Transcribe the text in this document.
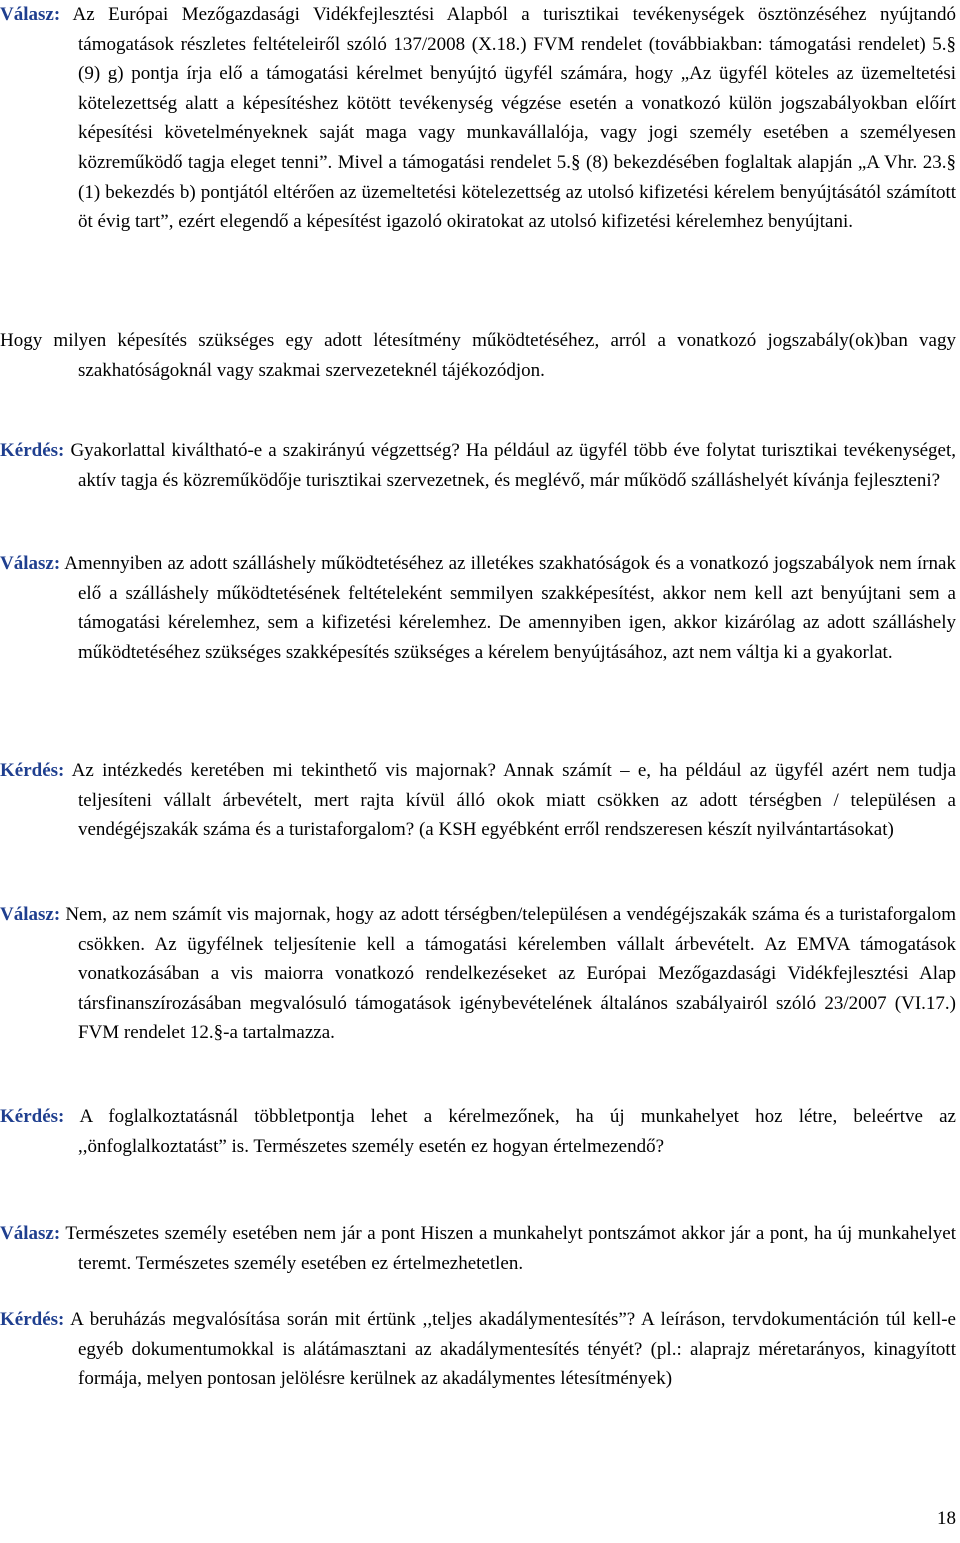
Válasz: Az Európai Mezőgazdasági Vidékfejlesztési Alapból a turisztikai tevékenységek ösztönzéséhez nyújtandó támogatások részletes feltételeiről szóló 137/2008 (X.18.) FVM rendelet (továbbiakban: támogatási rendelet) 5.§ (9) g) pontja írja elő a támogatási kérelmet benyújtó ügyfél számára, hogy „Az ügyfél köteles az üzemeltetési kötelezettség alatt a képesítéshez kötött tevékenység végzése esetén a vonatkozó külön jogszabályokban előírt képesítési követelményeknek saját maga vagy munkavállalója, vagy jogi személy esetében a személyesen közreműködő tagja eleget tenni”. Mivel a támogatási rendelet 5.§ (8) bekezdésében foglaltak alapján „A Vhr. 23.§ (1) bekezdés b) pontjától eltérően az üzemeltetési kötelezettség az utolsó kifizetési kérelem benyújtásától számított öt évig tart”, ezért elegendő a képesítést igazoló okiratokat az utolsó kifizetési kérelemhez benyújtani.

Hogy milyen képesítés szükséges egy adott létesítmény működtetéséhez, arról a vonatkozó jogszabály(ok)ban vagy szakhatóságoknál vagy szakmai szervezeteknél tájékozódjon.

Kérdés: Gyakorlattal kiváltható-e a szakirányú végzettség? Ha például az ügyfél több éve folytat turisztikai tevékenységet, aktív tagja és közreműködője turisztikai szervezetnek, és meglévő, már működő szálláshelyét kívánja fejleszteni?

Válasz: Amennyiben az adott szálláshely működtetéséhez az illetékes szakhatóságok és a vonatkozó jogszabályok nem írnak elő a szálláshely működtetésének feltételeként semmilyen szakképesítést, akkor nem kell azt benyújtani sem a támogatási kérelemhez, sem a kifizetési kérelemhez. De amennyiben igen, akkor kizárólag az adott szálláshely működtetéséhez szükséges szakképesítés szükséges a kérelem benyújtásához, azt nem váltja ki a gyakorlat.

Kérdés: Az intézkedés keretében mi tekinthető vis majornak? Annak számít – e, ha például az ügyfél azért nem tudja teljesíteni vállalt árbevételt, mert rajta kívül álló okok miatt csökken az adott térségben / településen a vendégéjszakák száma és a turistaforgalom? (a KSH egyébként erről rendszeresen készít nyilvántartásokat)

Válasz: Nem, az nem számít vis majornak, hogy az adott térségben/településen a vendégéjszakák száma és a turistaforgalom csökken. Az ügyfélnek teljesítenie kell a támogatási kérelemben vállalt árbevételt. Az EMVA támogatások vonatkozásában a vis maiorra vonatkozó rendelkezéseket az Európai Mezőgazdasági Vidékfejlesztési Alap társfinanszírozásában megvalósuló támogatások igénybevételének általános szabályairól szóló 23/2007 (VI.17.) FVM rendelet 12.§-a tartalmazza.

Kérdés: A foglalkoztatásnál többletpontja lehet a kérelmezőnek, ha új munkahelyet hoz létre, beleértve az ,,önfoglalkoztatást” is. Természetes személy esetén ez hogyan értelmezendő?

Válasz: Természetes személy esetében nem jár a pont Hiszen a munkahelyt pontszámot akkor jár a pont, ha új munkahelyet teremt. Természetes személy esetében ez értelmezhetetlen.

Kérdés: A beruházás megvalósítása során mit értünk ,,teljes akadálymentesítés”? A leíráson, tervdokumentáción túl kell-e egyéb dokumentumokkal is alátámasztani az akadálymentesítés tényét? (pl.: alaprajz méretarányos, kinagyított formája, melyen pontosan jelölésre kerülnek az akadálymentes létesítmények)

18
